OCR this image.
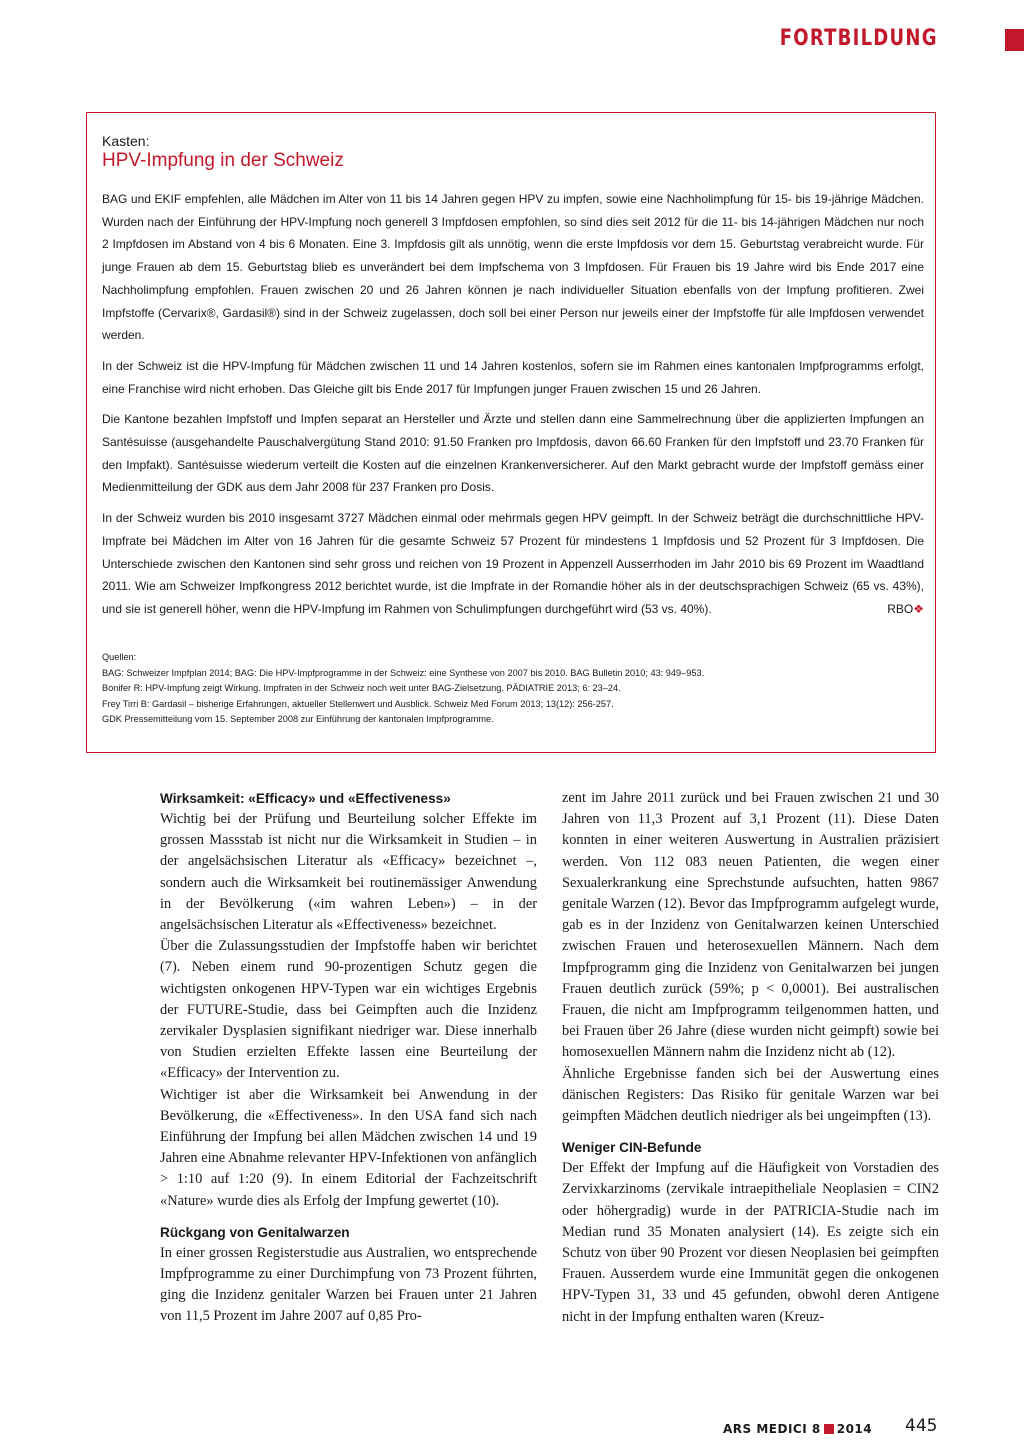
FORTBILDUNG
Kasten:
HPV-Impfung in der Schweiz

BAG und EKIF empfehlen, alle Mädchen im Alter von 11 bis 14 Jahren gegen HPV zu impfen, sowie eine Nachholimpfung für 15- bis 19-jährige Mädchen. Wurden nach der Einführung der HPV-Impfung noch generell 3 Impfdosen empfohlen, so sind dies seit 2012 für die 11- bis 14-jährigen Mädchen nur noch 2 Impfdosen im Abstand von 4 bis 6 Monaten. Eine 3. Impfdosis gilt als unnötig, wenn die erste Impfdosis vor dem 15. Geburtstag verabreicht wurde. Für junge Frauen ab dem 15. Geburtstag blieb es unverändert bei dem Impfschema von 3 Impfdosen. Für Frauen bis 19 Jahre wird bis Ende 2017 eine Nachholimpfung empfohlen. Frauen zwischen 20 und 26 Jahren können je nach individueller Situation ebenfalls von der Impfung profitieren. Zwei Impfstoffe (Cervarix®, Gardasil®) sind in der Schweiz zugelassen, doch soll bei einer Person nur jeweils einer der Impfstoffe für alle Impfdosen verwendet werden.

In der Schweiz ist die HPV-Impfung für Mädchen zwischen 11 und 14 Jahren kostenlos, sofern sie im Rahmen eines kantonalen Impfprogramms erfolgt, eine Franchise wird nicht erhoben. Das Gleiche gilt bis Ende 2017 für Impfungen junger Frauen zwischen 15 und 26 Jahren.

Die Kantone bezahlen Impfstoff und Impfen separat an Hersteller und Ärzte und stellen dann eine Sammelrechnung über die applizierten Impfungen an Santésuisse (ausgehandelte Pauschalvergütung Stand 2010: 91.50 Franken pro Impfdosis, davon 66.60 Franken für den Impfstoff und 23.70 Franken für den Impfakt). Santésuisse wiederum verteilt die Kosten auf die einzelnen Krankenversicherer. Auf den Markt gebracht wurde der Impfstoff gemäss einer Medienmitteilung der GDK aus dem Jahr 2008 für 237 Franken pro Dosis.

In der Schweiz wurden bis 2010 insgesamt 3727 Mädchen einmal oder mehrmals gegen HPV geimpft. In der Schweiz beträgt die durchschnittliche HPV-Impfrate bei Mädchen im Alter von 16 Jahren für die gesamte Schweiz 57 Prozent für mindestens 1 Impfdosis und 52 Prozent für 3 Impfdosen. Die Unterschiede zwischen den Kantonen sind sehr gross und reichen von 19 Prozent in Appenzell Ausserrhoden im Jahr 2010 bis 69 Prozent im Waadtland 2011. Wie am Schweizer Impfkongress 2012 berichtet wurde, ist die Impfrate in der Romandie höher als in der deutschsprachigen Schweiz (65 vs. 43%), und sie ist generell höher, wenn die HPV-Impfung im Rahmen von Schulimpfungen durchgeführt wird (53 vs. 40%).	RBO❖

Quellen:
BAG: Schweizer Impfplan 2014; BAG: Die HPV-Impfprogramme in der Schweiz: eine Synthese von 2007 bis 2010. BAG Bulletin 2010; 43: 949–953.
Bonifer R: HPV-Impfung zeigt Wirkung. Impfraten in der Schweiz noch weit unter BAG-Zielsetzung. PÄDIATRIE 2013; 6: 23–24.
Frey Tirri B: Gardasil – bisherige Erfahrungen, aktueller Stellenwert und Ausblick. Schweiz Med Forum 2013; 13(12): 256-257.
GDK Pressemitteilung vom 15. September 2008 zur Einführung der kantonalen Impfprogramme.
Wirksamkeit: «Efficacy» und «Effectiveness»

Wichtig bei der Prüfung und Beurteilung solcher Effekte im grossen Massstab ist nicht nur die Wirksamkeit in Studien – in der angelsächsischen Literatur als «Efficacy» bezeichnet –, sondern auch die Wirksamkeit bei routinemässiger Anwendung in der Bevölkerung («im wahren Leben») – in der angelsächsischen Literatur als «Effectiveness» bezeichnet.

Über die Zulassungsstudien der Impfstoffe haben wir berichtet (7). Neben einem rund 90-prozentigen Schutz gegen die wichtigsten onkogenen HPV-Typen war ein wichtiges Ergebnis der FUTURE-Studie, dass bei Geimpften auch die Inzidenz zervikaler Dysplasien signifikant niedriger war. Diese innerhalb von Studien erzielten Effekte lassen eine Beurteilung der «Efficacy» der Intervention zu.

Wichtiger ist aber die Wirksamkeit bei Anwendung in der Bevölkerung, die «Effectiveness». In den USA fand sich nach Einführung der Impfung bei allen Mädchen zwischen 14 und 19 Jahren eine Abnahme relevanter HPV-Infektionen von anfänglich > 1:10 auf 1:20 (9). In einem Editorial der Fachzeitschrift «Nature» wurde dies als Erfolg der Impfung gewertet (10).

Rückgang von Genitalwarzen

In einer grossen Registerstudie aus Australien, wo entsprechende Impfprogramme zu einer Durchimpfung von 73 Prozent führten, ging die Inzidenz genitaler Warzen bei Frauen unter 21 Jahren von 11,5 Prozent im Jahre 2007 auf 0,85 Pro-

zent im Jahre 2011 zurück und bei Frauen zwischen 21 und 30 Jahren von 11,3 Prozent auf 3,1 Prozent (11). Diese Daten konnten in einer weiteren Auswertung in Australien präzisiert werden. Von 112 083 neuen Patienten, die wegen einer Sexualerkrankung eine Sprechstunde aufsuchten, hatten 9867 genitale Warzen (12). Bevor das Impfprogramm aufgelegt wurde, gab es in der Inzidenz von Genitalwarzen keinen Unterschied zwischen Frauen und heterosexuellen Männern. Nach dem Impfprogramm ging die Inzidenz von Genitalwarzen bei jungen Frauen deutlich zurück (59%; p < 0,0001). Bei australischen Frauen, die nicht am Impfprogramm teilgenommen hatten, und bei Frauen über 26 Jahre (diese wurden nicht geimpft) sowie bei homosexuellen Männern nahm die Inzidenz nicht ab (12).

Ähnliche Ergebnisse fanden sich bei der Auswertung eines dänischen Registers: Das Risiko für genitale Warzen war bei geimpften Mädchen deutlich niedriger als bei ungeimpften (13).

Weniger CIN-Befunde

Der Effekt der Impfung auf die Häufigkeit von Vorstadien des Zervixkarzinoms (zervikale intraepitheliale Neoplasien = CIN2 oder höhergradig) wurde in der PATRICIA-Studie nach im Median rund 35 Monaten analysiert (14). Es zeigte sich ein Schutz von über 90 Prozent vor diesen Neoplasien bei geimpften Frauen. Ausserdem wurde eine Immunität gegen die onkogenen HPV-Typen 31, 33 und 45 gefunden, obwohl deren Antigene nicht in der Impfung enthalten waren (Kreuz-

ARS MEDICI 8 2014 445
